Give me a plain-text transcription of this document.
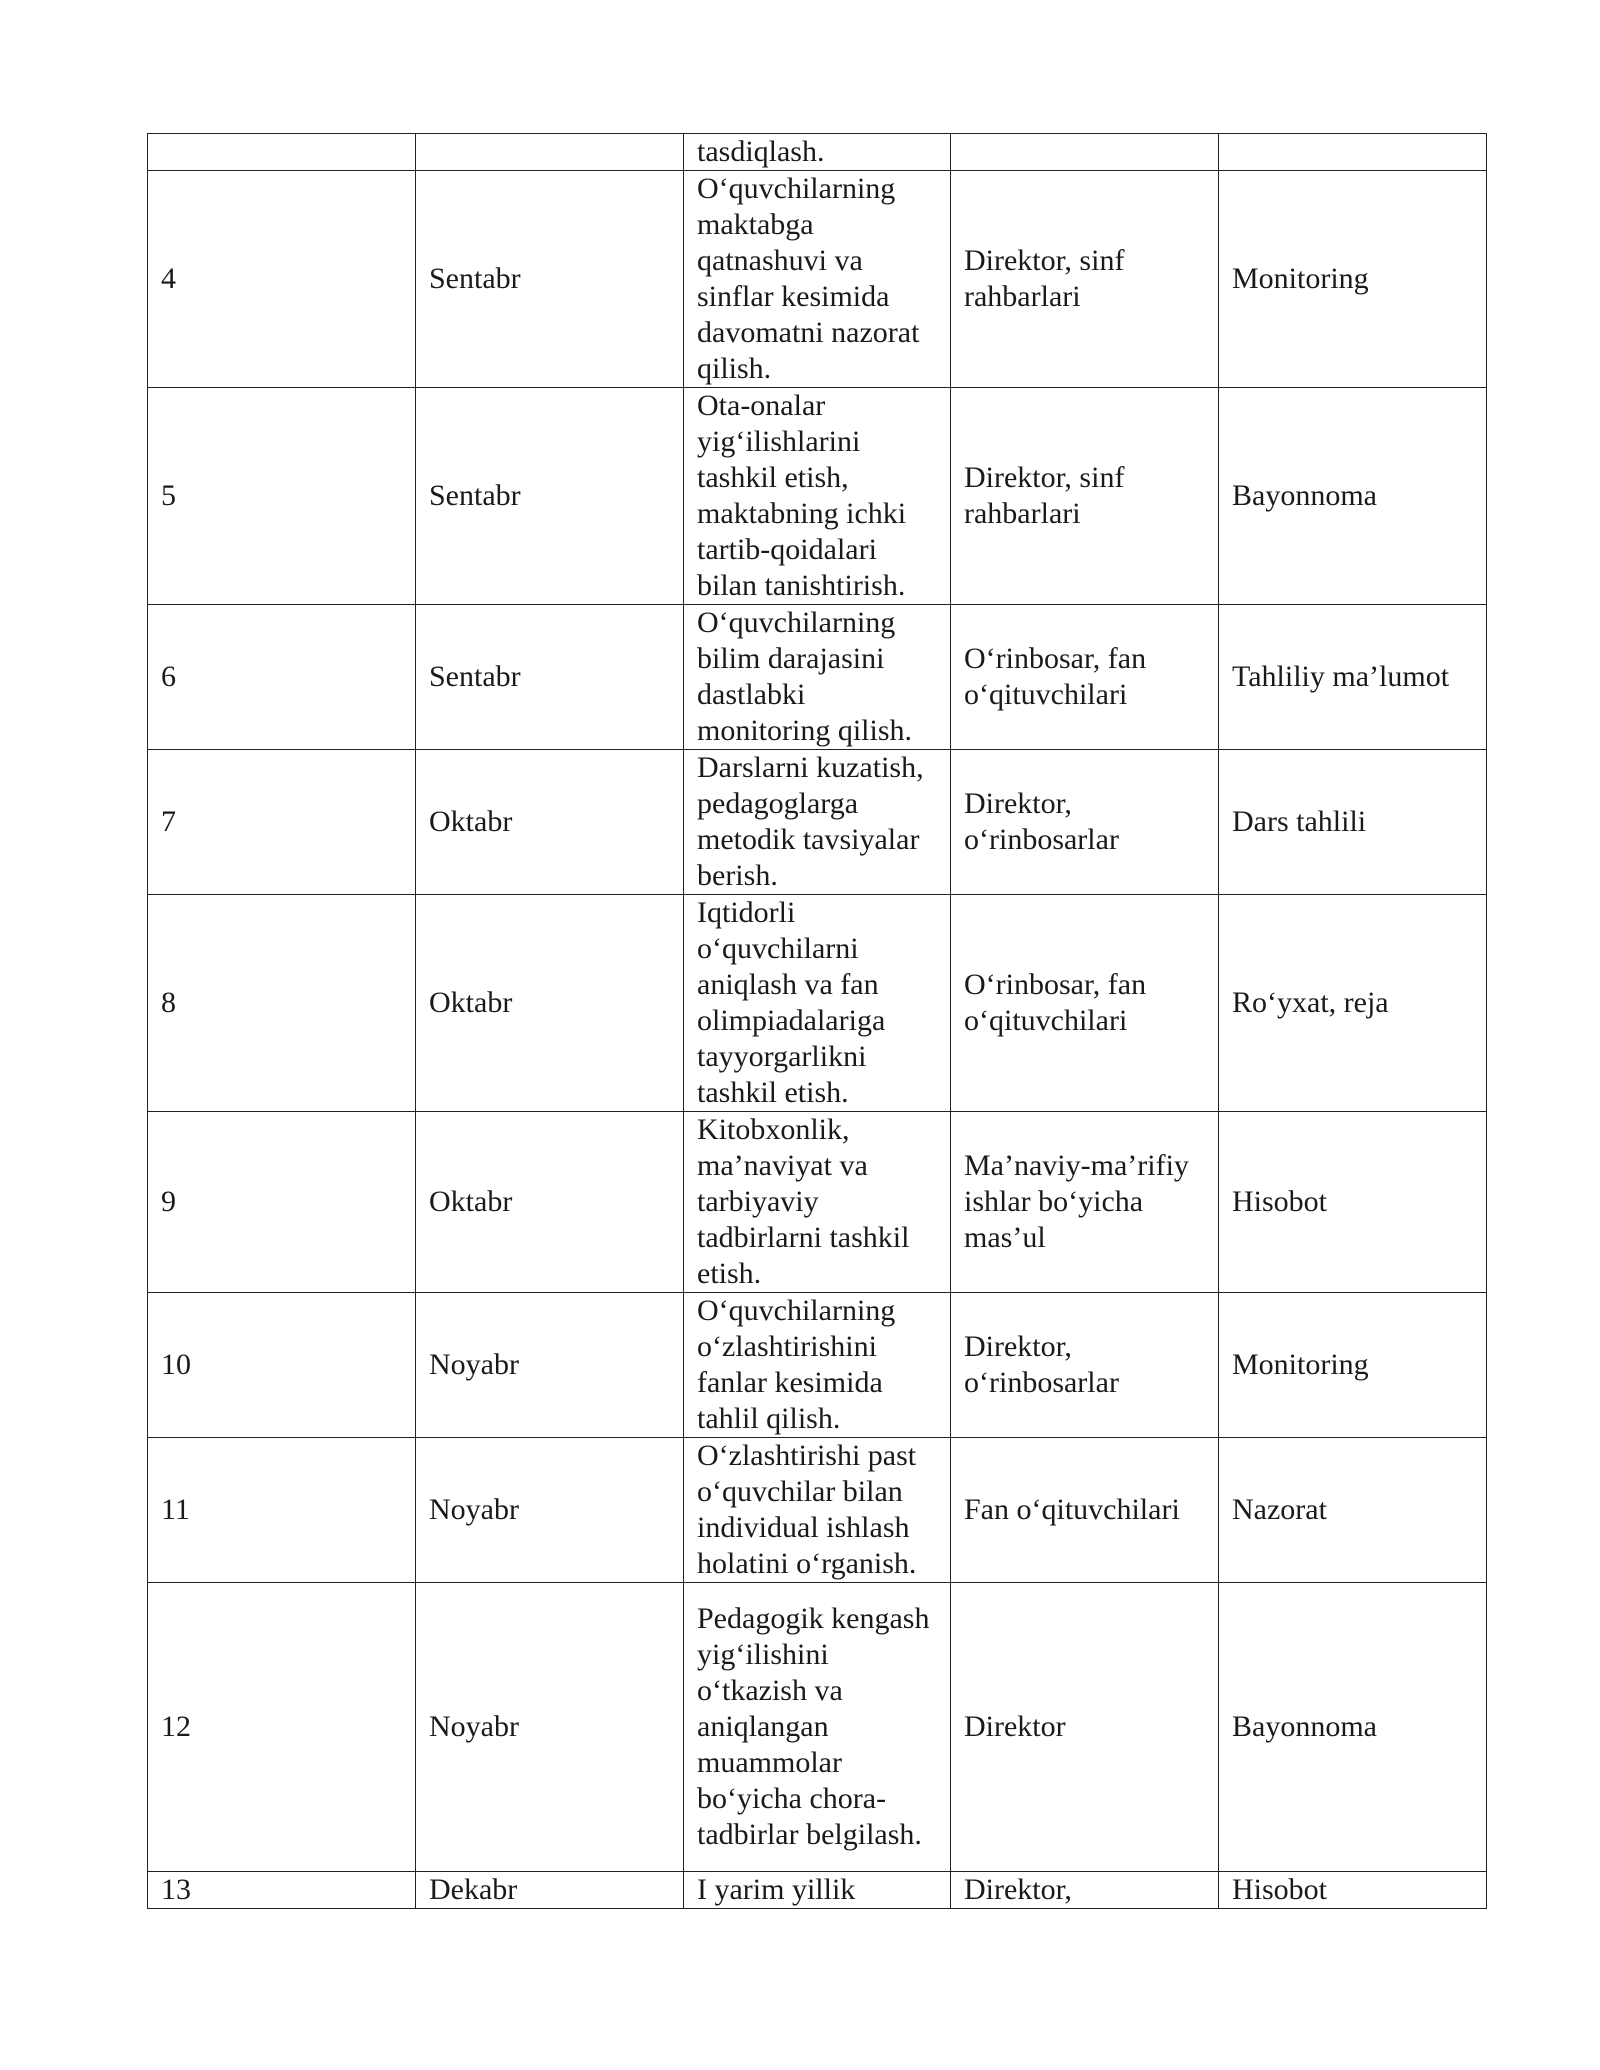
		tasdiqlash.		
4	Sentabr	O‘quvchilarning maktabga qatnashuvi va sinflar kesimida davomatni nazorat qilish.	Direktor, sinf rahbarlari	Monitoring
5	Sentabr	Ota-onalar yig‘ilishlarini tashkil etish, maktabning ichki tartib-qoidalari bilan tanishtirish.	Direktor, sinf rahbarlari	Bayonnoma
6	Sentabr	O‘quvchilarning bilim darajasini dastlabki monitoring qilish.	O‘rinbosar, fan o‘qituvchilari	Tahliliy ma’lumot
7	Oktabr	Darslarni kuzatish, pedagoglarga metodik tavsiyalar berish.	Direktor, o‘rinbosarlar	Dars tahlili
8	Oktabr	Iqtidorli o‘quvchilarni aniqlash va fan olimpiadalariga tayyorgarlikni tashkil etish.	O‘rinbosar, fan o‘qituvchilari	Ro‘yxat, reja
9	Oktabr	Kitobxonlik, ma’naviyat va tarbiyaviy tadbirlarni tashkil etish.	Ma’naviy-ma’rifiy ishlar bo‘yicha mas’ul	Hisobot
10	Noyabr	O‘quvchilarning o‘zlashtirishini fanlar kesimida tahlil qilish.	Direktor, o‘rinbosarlar	Monitoring
11	Noyabr	O‘zlashtirishi past o‘quvchilar bilan individual ishlash holatini o‘rganish.	Fan o‘qituvchilari	Nazorat
12	Noyabr	Pedagogik kengash yig‘ilishini o‘tkazish va aniqlangan muammolar bo‘yicha chora-tadbirlar belgilash.	Direktor	Bayonnoma
13	Dekabr	I yarim yillik	Direktor,	Hisobot
